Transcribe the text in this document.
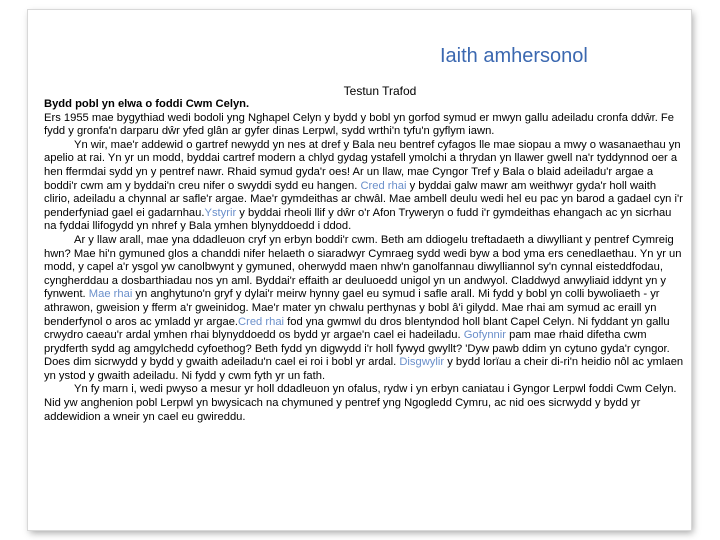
Iaith amhersonol
Testun Trafod

Bydd pobl yn elwa o foddi Cwm Celyn.

Ers 1955 mae bygythiad wedi bodoli yng Nghapel Celyn y bydd y bobl yn gorfod symud er mwyn gallu adeiladu cronfa ddŵr. Fe fydd y gronfa'n darparu dŵr yfed glân ar gyfer dinas Lerpwl, sydd wrthi'n tyfu'n gyflym iawn.

Yn wir, mae'r addewid o gartref newydd yn nes at dref y Bala neu bentref cyfagos lle mae siopau a mwy o wasanaethau yn apelio at rai. Yn yr un modd, byddai cartref modern a chlyd gydag ystafell ymolchi a thrydan yn llawer gwell na'r tyddynnod oer a hen ffermdai sydd yn y pentref nawr. Rhaid symud gyda'r oes! Ar un llaw, mae Cyngor Tref y Bala o blaid adeiladu'r argae a boddi'r cwm am y byddai'n creu nifer o swyddi sydd eu hangen. Cred rhai y byddai galw mawr am weithwyr gyda'r holl waith clirio, adeiladu a chynnal ar safle'r argae. Mae'r gymdeithas ar chwâl. Mae ambell deulu wedi hel eu pac yn barod a gadael cyn i'r penderfyniad gael ei gadarnhau.Ystyrir y byddai rheoli llif y dŵr o'r Afon Tryweryn o fudd i'r gymdeithas ehangach ac yn sicrhau na fyddai llifogydd yn nhref y Bala ymhen blynyddoedd i ddod.

Ar y llaw arall, mae yna ddadleuon cryf yn erbyn boddi'r cwm. Beth am ddiogelu treftadaeth a diwylliant y pentref Cymreig hwn? Mae hi'n gymuned glos a chanddi nifer helaeth o siaradwyr Cymraeg sydd wedi byw a bod yma ers cenedlaethau. Yn yr un modd, y capel a'r ysgol yw canolbwynt y gymuned, oherwydd maen nhw'n ganolfannau diwylliannol sy'n cynnal eisteddfodau, cyngherddau a dosbarthiadau nos yn aml. Byddai'r effaith ar deuluoedd unigol yn un andwyol. Claddwyd anwyliaid iddynt yn y fynwent. Mae rhai yn anghytuno'n gryf y dylai'r meirw hynny gael eu symud i safle arall. Mi fydd y bobl yn colli bywoliaeth - yr athrawon, gweision y fferm a'r gweinidog. Mae'r mater yn chwalu perthynas y bobl â'i gilydd. Mae rhai am symud ac eraill yn benderfynol o aros ac ymladd yr argae.Cred rhai fod yna gwmwl du dros blentyndod holl blant Capel Celyn. Ni fyddant yn gallu crwydro caeau'r ardal ymhen rhai blynyddoedd os bydd yr argae'n cael ei hadeiladu. Gofynnir pam mae rhaid difetha cwm prydferth sydd ag amgylchedd cyfoethog? Beth fydd yn digwydd i'r holl fywyd gwyllt? 'Dyw pawb ddim yn cytuno gyda'r cyngor. Does dim sicrwydd y bydd y gwaith adeiladu'n cael ei roi i bobl yr ardal. Disgwylir y bydd lorïau a cheir di-ri'n heidio nôl ac ymlaen yn ystod y gwaith adeiladu. Ni fydd y cwm fyth yr un fath.

Yn fy marn i, wedi pwyso a mesur yr holl ddadleuon yn ofalus, rydw i yn erbyn caniatau i Gyngor Lerpwl foddi Cwm Celyn. Nid yw anghenion pobl Lerpwl yn bwysicach na chymuned y pentref yng Ngogledd Cymru, ac nid oes sicrwydd y bydd yr addewidion a wneir yn cael eu gwireddu.
